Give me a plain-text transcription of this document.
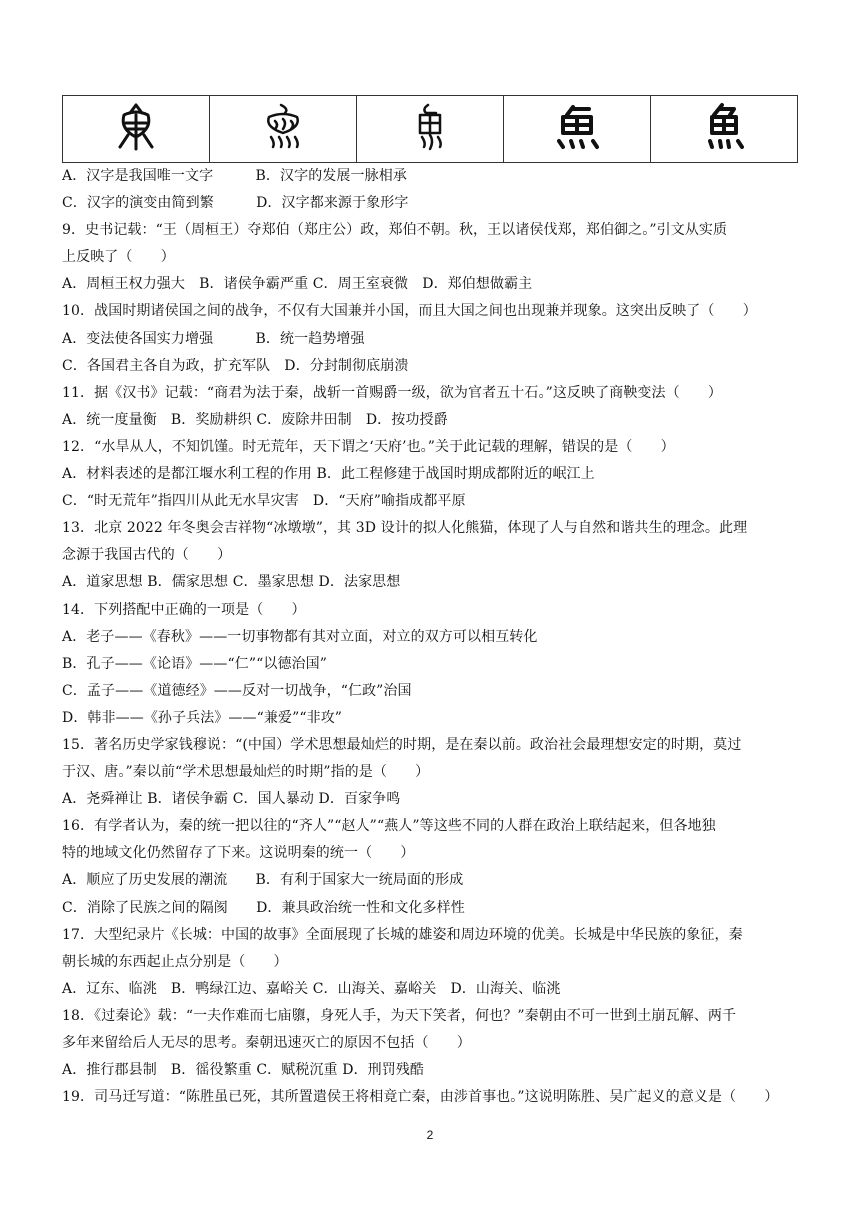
A．汉字是我国唯一文字　　　B．汉字的发展一脉相承
C．汉字的演变由简到繁　　　D．汉字都来源于象形字
9．史书记载：“王（周桓王）夺郑伯（郑庄公）政，郑伯不朝。秋，王以诸侯伐郑，郑伯御之。”引文从实质
上反映了（　　）
A．周桓王权力强大　B．诸侯争霸严重 C．周王室衰微　D．郑伯想做霸主
10．战国时期诸侯国之间的战争，不仅有大国兼并小国，而且大国之间也出现兼并现象。这突出反映了（　　）
A．变法使各国实力增强　　　B．统一趋势增强
C．各国君主各自为政，扩充军队　D．分封制彻底崩溃
11．据《汉书》记载：“商君为法于秦，战斩一首赐爵一级，欲为官者五十石。”这反映了商鞅变法（　　）
A．统一度量衡　B．奖励耕织 C．废除井田制　D．按功授爵
12．“水旱从人，不知饥馑。时无荒年，天下谓之‘天府’也。”关于此记载的理解，错误的是（　　）
A．材料表述的是都江堰水利工程的作用 B．此工程修建于战国时期成都附近的岷江上
C．“时无荒年”指四川从此无水旱灾害　D．“天府”喻指成都平原
13．北京 2022 年冬奥会吉祥物“冰墩墩”，其 3D 设计的拟人化熊猫，体现了人与自然和谐共生的理念。此理
念源于我国古代的（　　）
A．道家思想 B．儒家思想 C．墨家思想 D．法家思想
14．下列搭配中正确的一项是（　　）
A．老子——《春秋》——一切事物都有其对立面，对立的双方可以相互转化
B．孔子——《论语》——“仁”“以德治国”
C．孟子——《道德经》——反对一切战争，“仁政”治国
D．韩非——《孙子兵法》——“兼爱”“非攻”
15．著名历史学家钱穆说：“(中国）学术思想最灿烂的时期，是在秦以前。政治社会最理想安定的时期，莫过
于汉、唐。”秦以前“学术思想最灿烂的时期”指的是（　　）
A．尧舜禅让 B．诸侯争霸 C．国人暴动 D．百家争鸣
16．有学者认为，秦的统一把以往的“齐人”“赵人”“燕人”等这些不同的人群在政治上联结起来，但各地独
特的地域文化仍然留存了下来。这说明秦的统一（　　）
A．顺应了历史发展的潮流　　B．有利于国家大一统局面的形成
C．消除了民族之间的隔阂　　D．兼具政治统一性和文化多样性
17．大型纪录片《长城：中国的故事》全面展现了长城的雄姿和周边环境的优美。长城是中华民族的象征，秦
朝长城的东西起止点分别是（　　）
A．辽东、临洮　B．鸭绿江边、嘉峪关 C．山海关、嘉峪关　D．山海关、临洮
18．《过秦论》载：“一夫作难而七庙隳，身死人手，为天下笑者，何也？”秦朝由不可一世到土崩瓦解、两千
多年来留给后人无尽的思考。秦朝迅速灭亡的原因不包括（　　）
A．推行郡县制　B．徭役繁重 C．赋税沉重 D．刑罚残酷
19．司马迁写道：“陈胜虽已死，其所置遣侯王将相竟亡秦，由涉首事也。”这说明陈胜、吴广起义的意义是（　　）
2
